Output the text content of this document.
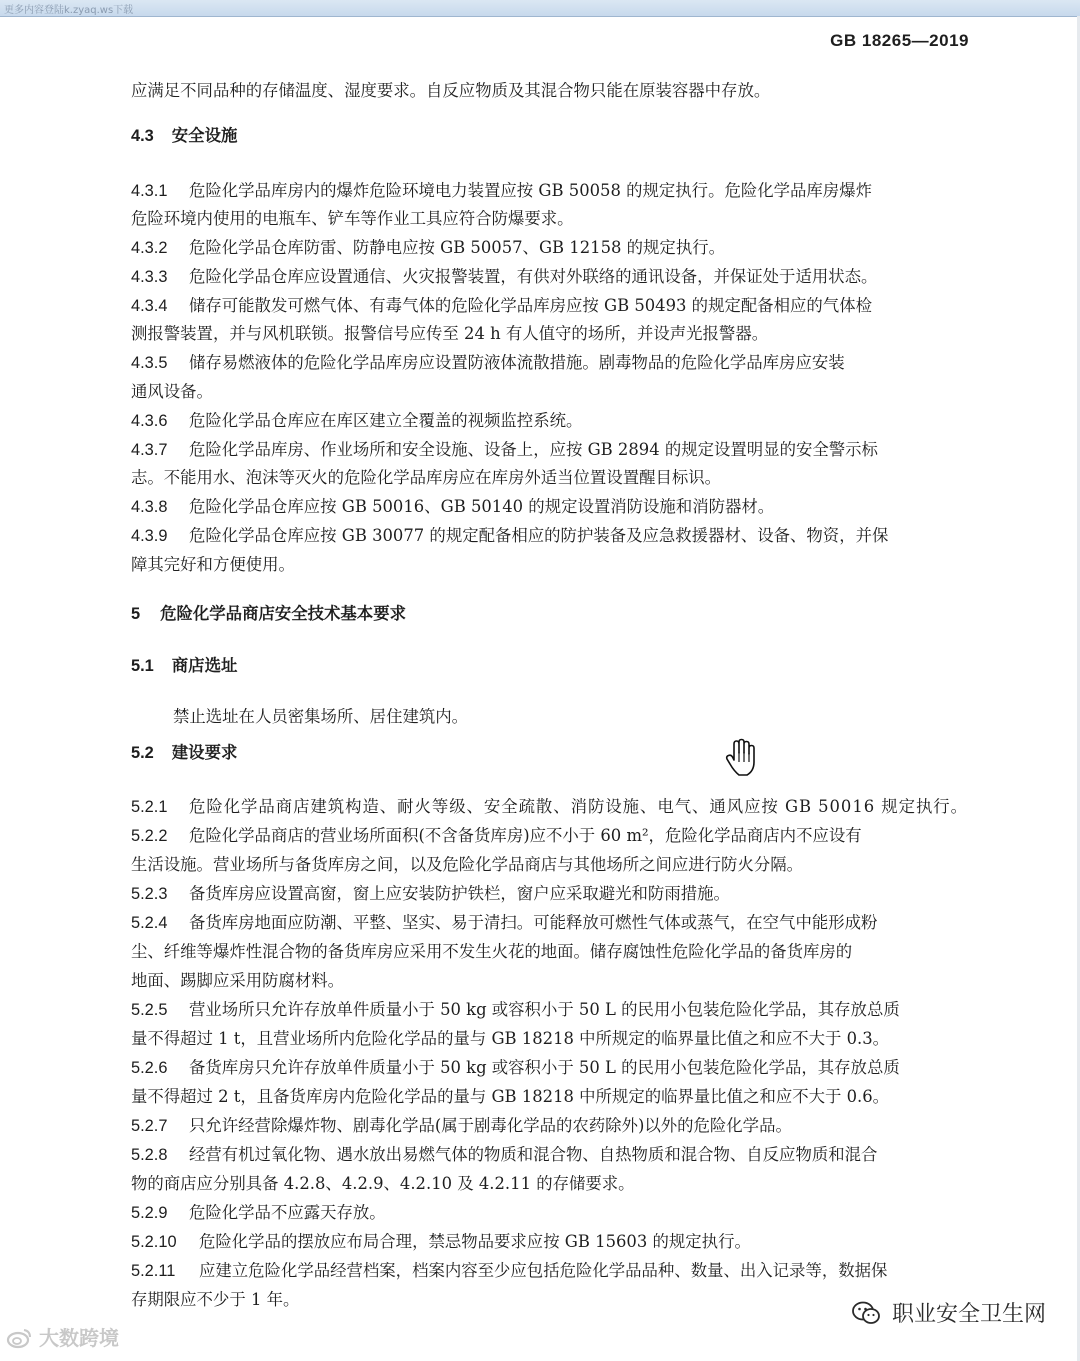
更多内容登陆k.zyaq.ws下载
GB 18265—2019
应满足不同品种的存储温度、湿度要求。自反应物质及其混合物只能在原装容器中存放。
4.3.1 危险化学品库房内的爆炸危险环境电力装置应按 GB 50058 的规定执行。危险化学品库房爆炸
危险环境内使用的电瓶车、铲车等作业工具应符合防爆要求。
4.3.2 危险化学品仓库防雷、防静电应按 GB 50057、GB 12158 的规定执行。
4.3.3 危险化学品仓库应设置通信、火灾报警装置，有供对外联络的通讯设备，并保证处于适用状态。
4.3.4 储存可能散发可燃气体、有毒气体的危险化学品库房应按 GB 50493 的规定配备相应的气体检
测报警装置，并与风机联锁。报警信号应传至 24 h 有人值守的场所，并设声光报警器。
4.3.5 储存易燃液体的危险化学品库房应设置防液体流散措施。剧毒物品的危险化学品库房应安装
通风设备。
4.3.6 危险化学品仓库应在库区建立全覆盖的视频监控系统。
4.3.7 危险化学品库房、作业场所和安全设施、设备上，应按 GB 2894 的规定设置明显的安全警示标
志。不能用水、泡沫等灭火的危险化学品库房应在库房外适当位置设置醒目标识。
4.3.8 危险化学品仓库应按 GB 50016、GB 50140 的规定设置消防设施和消防器材。
4.3.9 危险化学品仓库应按 GB 30077 的规定配备相应的防护装备及应急救援器材、设备、物资，并保
障其完好和方便使用。
禁止选址在人员密集场所、居住建筑内。
5.2.1 危险化学品商店建筑构造、耐火等级、安全疏散、消防设施、电气、通风应按 GB 50016 规定执行。
5.2.2 危险化学品商店的营业场所面积(不含备货库房)应不小于 60 m²，危险化学品商店内不应设有
生活设施。营业场所与备货库房之间，以及危险化学品商店与其他场所之间应进行防火分隔。
5.2.3 备货库房应设置高窗，窗上应安装防护铁栏，窗户应采取避光和防雨措施。
5.2.4 备货库房地面应防潮、平整、坚实、易于清扫。可能释放可燃性气体或蒸气，在空气中能形成粉
尘、纤维等爆炸性混合物的备货库房应采用不发生火花的地面。储存腐蚀性危险化学品的备货库房的
地面、踢脚应采用防腐材料。
5.2.5 营业场所只允许存放单件质量小于 50 kg 或容积小于 50 L 的民用小包装危险化学品，其存放总质
量不得超过 1 t，且营业场所内危险化学品的量与 GB 18218 中所规定的临界量比值之和应不大于 0.3。
5.2.6 备货库房只允许存放单件质量小于 50 kg 或容积小于 50 L 的民用小包装危险化学品，其存放总质
量不得超过 2 t，且备货库房内危险化学品的量与 GB 18218 中所规定的临界量比值之和应不大于 0.6。
5.2.7 只允许经营除爆炸物、剧毒化学品(属于剧毒化学品的农药除外)以外的危险化学品。
5.2.8 经营有机过氧化物、遇水放出易燃气体的物质和混合物、自热物质和混合物、自反应物质和混合
物的商店应分别具备 4.2.8、4.2.9、4.2.10 及 4.2.11 的存储要求。
5.2.9 危险化学品不应露天存放。
5.2.10 危险化学品的摆放应布局合理，禁忌物品要求应按 GB 15603 的规定执行。
5.2.11 应建立危险化学品经营档案，档案内容至少应包括危险化学品品种、数量、出入记录等，数据保
存期限应不少于 1 年。
4.3 安全设施
5 危险化学品商店安全技术基本要求
5.1 商店选址
5.2 建设要求
大数跨境
职业安全卫生网
